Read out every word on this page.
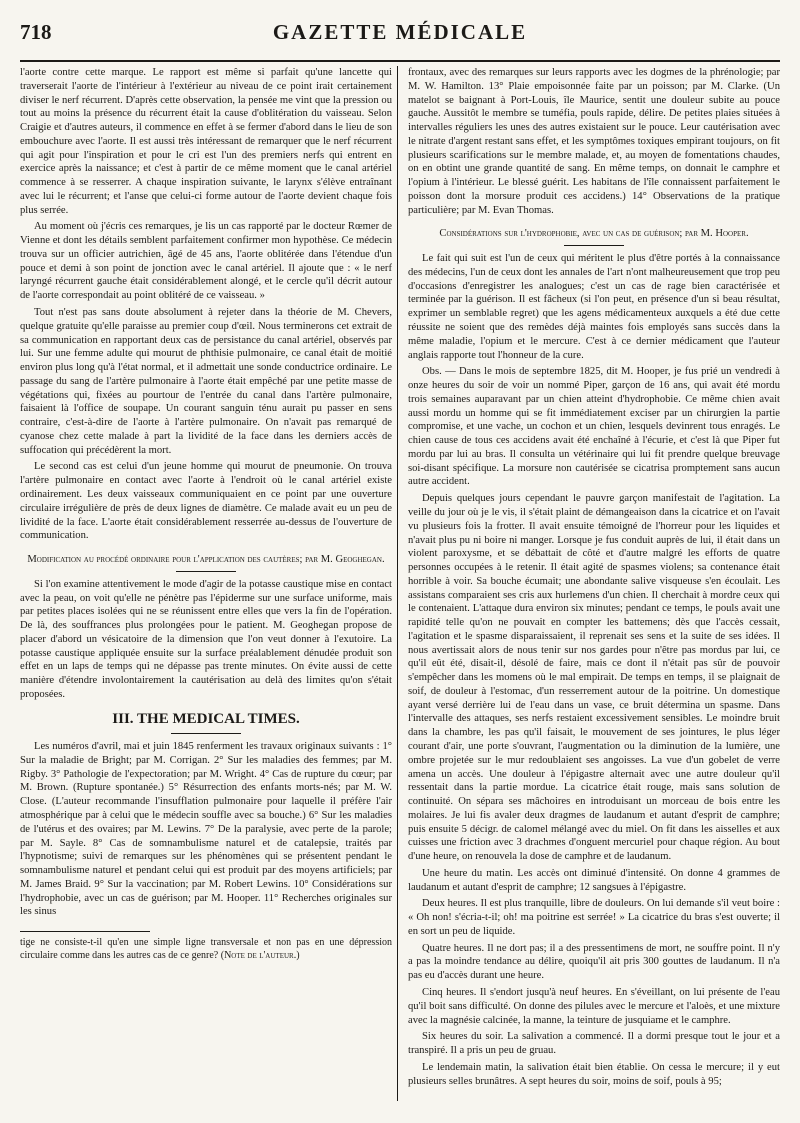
718	GAZETTE MÉDICALE

l'aorte contre cette marque. Le rapport est même si parfait qu'une lancette qui traverserait l'aorte de l'intérieur à l'extérieur au niveau de ce point irait certainement diviser le nerf récurrent. D'après cette observation, la pensée me vint que la pression ou tout au moins la présence du récurrent était la cause d'oblitération du vaisseau. Selon Craigie et d'autres auteurs, il commence en effet à se fermer d'abord dans le lieu de son embouchure avec l'aorte. Il est aussi très intéressant de remarquer que le nerf récurrent qui agit pour l'inspiration et pour le cri est l'un des premiers nerfs qui entrent en exercice après la naissance; et c'est à partir de ce même moment que le canal artériel commence à se resserrer. A chaque inspiration suivante, le larynx s'élève entraînant avec lui le récurrent; et l'anse que celui-ci forme autour de l'aorte devient chaque fois plus serrée.

Au moment où j'écris ces remarques, je lis un cas rapporté par le docteur Rœmer de Vienne et dont les détails semblent parfaitement confirmer mon hypothèse. Ce médecin trouva sur un officier autrichien, âgé de 45 ans, l'aorte oblitérée dans l'étendue d'un pouce et demi à son point de jonction avec le canal artériel. Il ajoute que : « le nerf laryngé récurrent gauche était considérablement alongé, et le cercle qu'il décrit autour de l'aorte correspondait au point oblitéré de ce vaisseau. »

Tout n'est pas sans doute absolument à rejeter dans la théorie de M. Chevers, quelque gratuite qu'elle paraisse au premier coup d'œil. Nous terminerons cet extrait de sa communication en rapportant deux cas de persistance du canal artériel, observés par lui. Sur une femme adulte qui mourut de phthisie pulmonaire, ce canal était de moitié environ plus long qu'à l'état normal, et il admettait une sonde conductrice ordinaire. Le passage du sang de l'artère pulmonaire à l'aorte était empêché par une petite masse de végétations qui, fixées au pourtour de l'entrée du canal dans l'artère pulmonaire, faisaient là l'office de soupape. Un courant sanguin ténu aurait pu passer en sens contraire, c'est-à-dire de l'aorte à l'artère pulmonaire. On n'avait pas remarqué de cyanose chez cette malade à part la lividité de la face dans les derniers accès de suffocation qui précédèrent la mort.

Le second cas est celui d'un jeune homme qui mourut de pneumonie. On trouva l'artère pulmonaire en contact avec l'aorte à l'endroit où le canal artériel existe ordinairement. Les deux vaisseaux communiquaient en ce point par une ouverture circulaire irrégulière de près de deux lignes de diamètre. Ce malade avait eu un peu de lividité de la face. L'aorte était considérablement resserrée au-dessus de l'ouverture de communication.

Modification au procédé ordinaire pour l'application des cautères; par M. Geoghegan.

Si l'on examine attentivement le mode d'agir de la potasse caustique mise en contact avec la peau, on voit qu'elle ne pénètre pas l'épiderme sur une surface uniforme, mais par petites places isolées qui ne se réunissent entre elles que vers la fin de l'opération. De là, des souffrances plus prolongées pour le patient. M. Geoghegan propose de placer d'abord un vésicatoire de la dimension que l'on veut donner à l'exutoire. La potasse caustique appliquée ensuite sur la surface préalablement dénudée produit son effet en un laps de temps qui ne dépasse pas trente minutes. On évite aussi de cette manière d'étendre involontairement la cautérisation au delà des limites qu'on s'était proposées.

III. THE MEDICAL TIMES.

Les numéros d'avril, mai et juin 1845 renferment les travaux originaux suivants : 1° Sur la maladie de Bright; par M. Corrigan. 2° Sur les maladies des femmes; par M. Rigby. 3° Pathologie de l'expectoration; par M. Wright. 4° Cas de rupture du cœur; par M. Brown. (Rupture spontanée.) 5° Résurrection des enfants morts-nés; par M. W. Close. (L'auteur recommande l'insufflation pulmonaire pour laquelle il préfère l'air atmosphérique par à celui que le médecin souffle avec sa bouche.) 6° Sur les maladies de l'utérus et des ovaires; par M. Lewins. 7° De la paralysie, avec perte de la parole; par M. Sayle. 8° Cas de somnambulisme naturel et de catalepsie, traités par l'hypnotisme; suivi de remarques sur les phénomènes qui se présentent pendant le somnambulisme naturel et pendant celui qui est produit par des moyens artificiels; par M. James Braid. 9° Sur la vaccination; par M. Robert Lewins. 10° Considérations sur l'hydrophobie, avec un cas de guérison; par M. Hooper. 11° Recherches originales sur les sinus

tige ne consiste-t-il qu'en une simple ligne transversale et non pas en une dépression circulaire comme dans les autres cas de ce genre? (Note de l'auteur.)

frontaux, avec des remarques sur leurs rapports avec les dogmes de la phrénologie; par M. W. Hamilton. 13° Plaie empoisonnée faite par un poisson; par M. Clarke. (Un matelot se baignant à Port-Louis, île Maurice, sentit une douleur subite au pouce gauche. Aussitôt le membre se tuméfia, pouls rapide, délire. De petites plaies situées à intervalles réguliers les unes des autres existaient sur le pouce. Leur cautérisation avec le nitrate d'argent restant sans effet, et les symptômes toxiques empirant toujours, on fit plusieurs scarifications sur le membre malade, et, au moyen de fomentations chaudes, on en obtint une grande quantité de sang. En même temps, on donnait le camphre et l'opium à l'intérieur. Le blessé guérit. Les habitans de l'île connaissent parfaitement le poisson dont la morsure produit ces accidens.) 14° Observations de la pratique particulière; par M. Evan Thomas.

Considérations sur l'hydrophobie, avec un cas de guérison; par M. Hooper.

Le fait qui suit est l'un de ceux qui méritent le plus d'être portés à la connaissance des médecins, l'un de ceux dont les annales de l'art n'ont malheureusement que trop peu d'occasions d'enregistrer les analogues; c'est un cas de rage bien caractérisée et terminée par la guérison. Il est fâcheux (si l'on peut, en présence d'un si beau résultat, exprimer un semblable regret) que les agens médicamenteux auxquels a été due cette réussite ne soient que des remèdes déjà maintes fois employés sans succès dans la même maladie, l'opium et le mercure. C'est à ce dernier médicament que l'auteur anglais rapporte tout l'honneur de la cure.

Obs. — Dans le mois de septembre 1825, dit M. Hooper, je fus prié un vendredi à onze heures du soir de voir un nommé Piper, garçon de 16 ans, qui avait été mordu trois semaines auparavant par un chien atteint d'hydrophobie. Ce même chien avait aussi mordu un homme qui se fit immédiatement exciser par un chirurgien la partie compromise, et une vache, un cochon et un chien, lesquels devinrent tous enragés. Le chien cause de tous ces accidens avait été enchaîné à l'écurie, et c'est là que Piper fut mordu par lui au bras. Il consulta un vétérinaire qui lui fit prendre quelque breuvage soi-disant spécifique. La morsure non cautérisée se cicatrisa promptement sans aucun autre accident.

Depuis quelques jours cependant le pauvre garçon manifestait de l'agitation. La veille du jour où je le vis, il s'était plaint de démangeaison dans la cicatrice et on l'avait vu plusieurs fois la frotter. Il avait ensuite témoigné de l'horreur pour les liquides et n'avait plus pu ni boire ni manger. Lorsque je fus conduit auprès de lui, il était dans un violent paroxysme, et se débattait de côté et d'autre malgré les efforts de quatre personnes occupées à le retenir. Il était agité de spasmes violens; sa contenance était horrible à voir. Sa bouche écumait; une abondante salive visqueuse s'en écoulait. Les assistans comparaient ses cris aux hurlemens d'un chien. Il cherchait à mordre ceux qui le contenaient. L'attaque dura environ six minutes; pendant ce temps, le pouls avait une rapidité telle qu'on ne pouvait en compter les battemens; dès que l'accès cessait, l'agitation et le spasme disparaissaient, il reprenait ses sens et la suite de ses idées. Il nous avertissait alors de nous tenir sur nos gardes pour n'être pas mordus par lui, ce qu'il eût été, disait-il, désolé de faire, mais ce dont il n'était pas sûr de pouvoir s'empêcher dans les momens où le mal empirait. De temps en temps, il se plaignait de soif, de douleur à l'estomac, d'un resserrement autour de la poitrine. Un domestique ayant versé derrière lui de l'eau dans un vase, ce bruit détermina un spasme. Dans l'intervalle des attaques, ses nerfs restaient excessivement sensibles. Le moindre bruit dans la chambre, les pas qu'il faisait, le mouvement de ses jointures, le plus léger courant d'air, une porte s'ouvrant, l'augmentation ou la diminution de la lumière, une ombre projetée sur le mur redoublaient ses angoisses. La vue d'un gobelet de verre amena un accès. Une douleur à l'épigastre alternait avec une autre douleur qu'il ressentait dans la partie mordue. La cicatrice était rouge, mais sans solution de continuité. On sépara ses mâchoires en introduisant un morceau de bois entre les molaires. Je lui fis avaler deux dragmes de laudanum et autant d'esprit de camphre; puis ensuite 5 décigr. de calomel mélangé avec du miel. On fit dans les aisselles et aux cuisses une friction avec 3 drachmes d'onguent mercuriel pour chaque région. Au bout d'une heure, on renouvela la dose de camphre et de laudanum.

Une heure du matin. Les accès ont diminué d'intensité. On donne 4 grammes de laudanum et autant d'esprit de camphre; 12 sangsues à l'épigastre.

Deux heures. Il est plus tranquille, libre de douleurs. On lui demande s'il veut boire : « Oh non! s'écria-t-il; oh! ma poitrine est serrée! » La cicatrice du bras s'est ouverte; il en sort un peu de liquide.

Quatre heures. Il ne dort pas; il a des pressentimens de mort, ne souffre point. Il n'y a pas la moindre tendance au délire, quoiqu'il ait pris 300 gouttes de laudanum. Il n'a pas eu d'accès durant une heure.

Cinq heures. Il s'endort jusqu'à neuf heures. En s'éveillant, on lui présente de l'eau qu'il boit sans difficulté. On donne des pilules avec le mercure et l'aloès, et une mixture avec la magnésie calcinée, la manne, la teinture de jusquiame et le camphre.

Six heures du soir. La salivation a commencé. Il a dormi presque tout le jour et a transpiré. Il a pris un peu de gruau.

Le lendemain matin, la salivation était bien établie. On cessa le mercure; il y eut plusieurs selles brunâtres. A sept heures du soir, moins de soif, pouls à 95;
